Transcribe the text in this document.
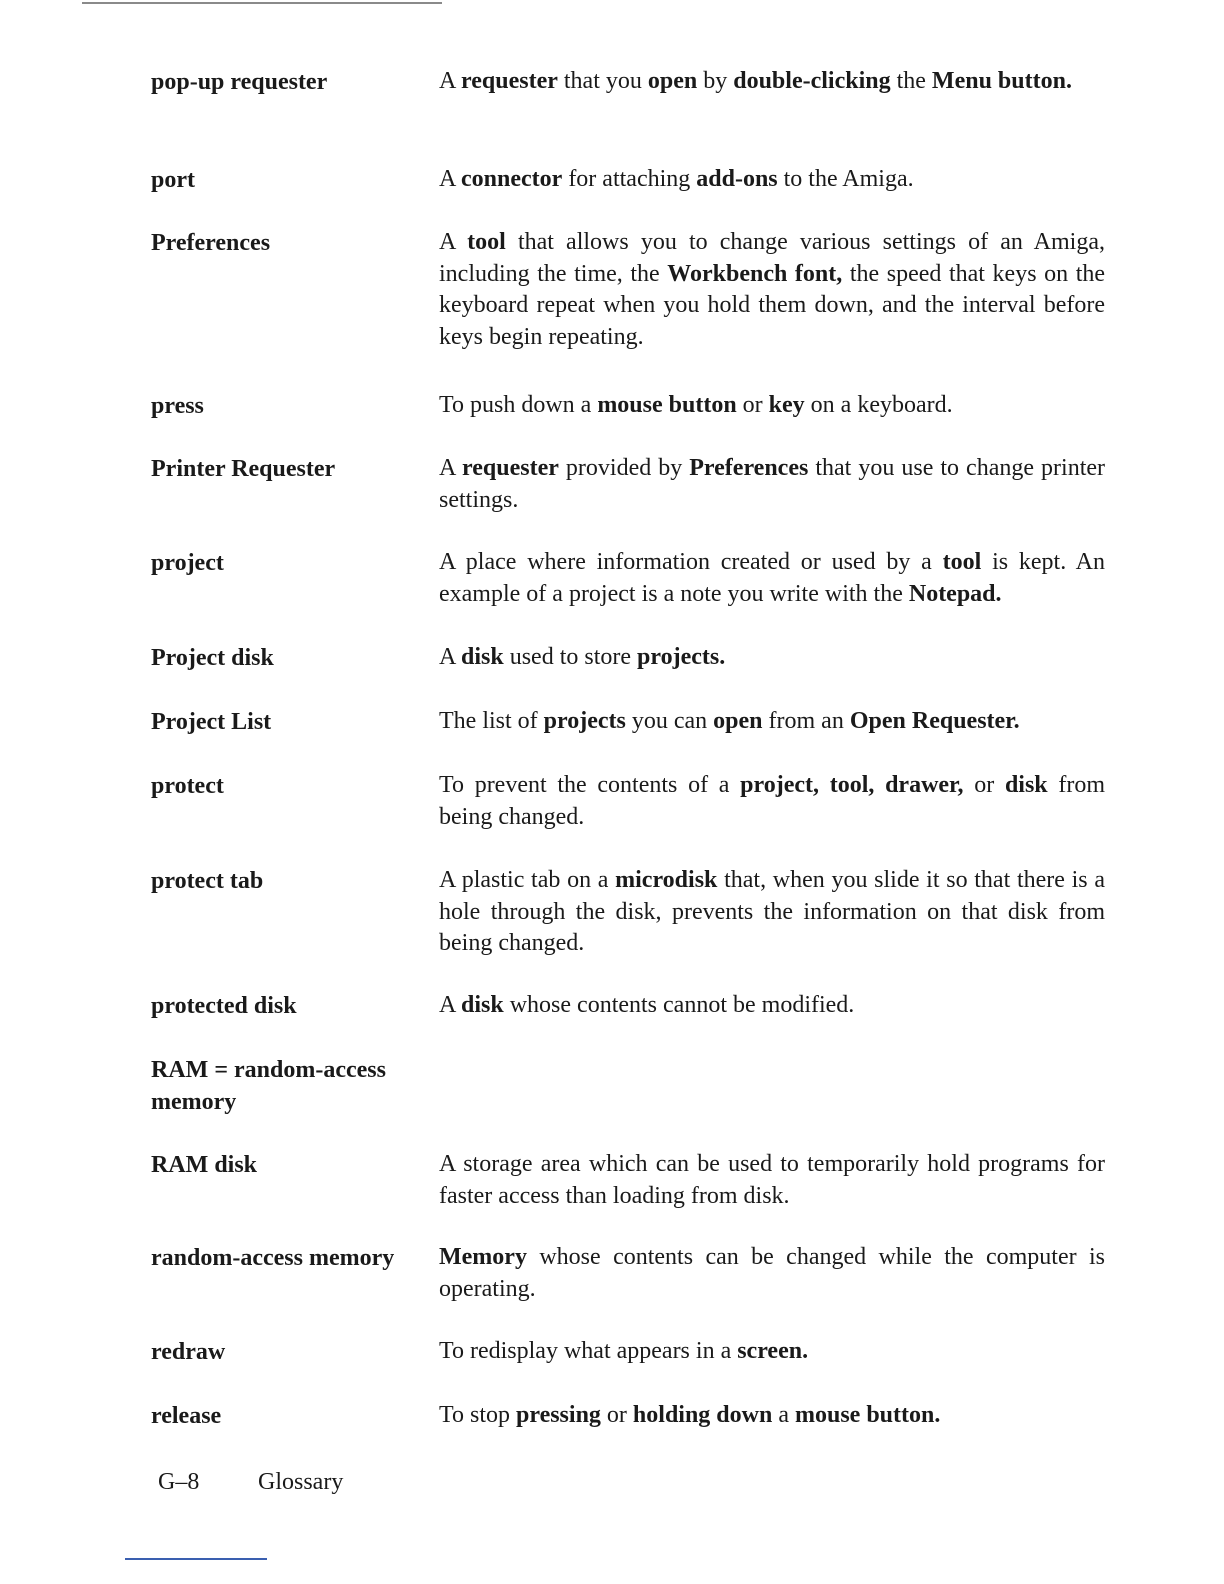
pop-up requester	A requester that you open by double-clicking the Menu button.
port	A connector for attaching add-ons to the Amiga.
Preferences	A tool that allows you to change various settings of an Amiga, including the time, the Workbench font, the speed that keys on the keyboard repeat when you hold them down, and the interval before keys begin repeating.
press	To push down a mouse button or key on a keyboard.
Printer Requester	A requester provided by Preferences that you use to change printer settings.
project	A place where information created or used by a tool is kept. An example of a project is a note you write with the Notepad.
Project disk	A disk used to store projects.
Project List	The list of projects you can open from an Open Requester.
protect	To prevent the contents of a project, tool, drawer, or disk from being changed.
protect tab	A plastic tab on a microdisk that, when you slide it so that there is a hole through the disk, prevents the information on that disk from being changed.
protected disk	A disk whose contents cannot be modified.
RAM = random-access memory
RAM disk	A storage area which can be used to temporarily hold programs for faster access than loading from disk.
random-access memory	Memory whose contents can be changed while the computer is operating.
redraw	To redisplay what appears in a screen.
release	To stop pressing or holding down a mouse button.
G–8	Glossary
